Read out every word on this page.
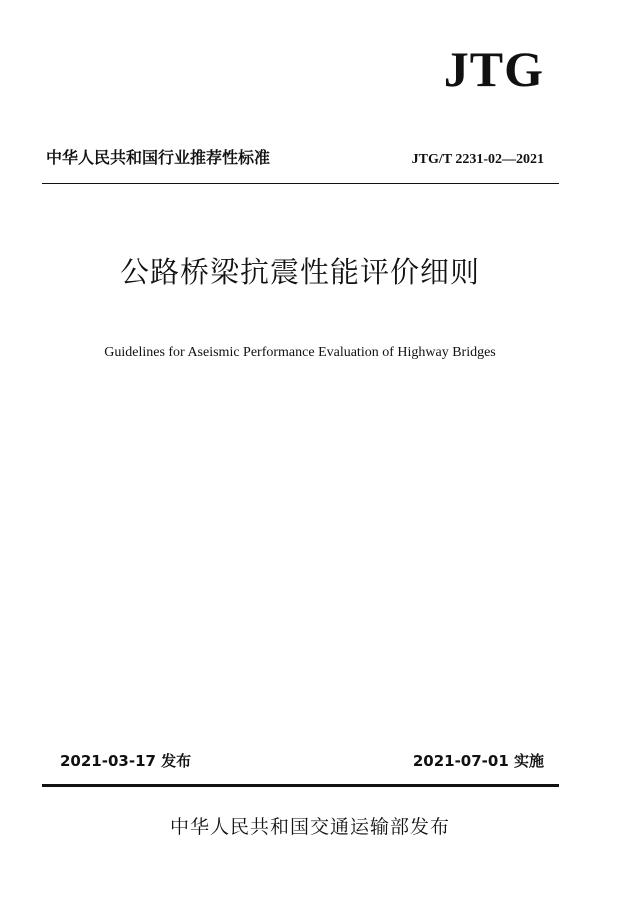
JTG
中华人民共和国行业推荐性标准	JTG/T 2231-02—2021
公路桥梁抗震性能评价细则
Guidelines for Aseismic Performance Evaluation of Highway Bridges
2021-03-17 发布	2021-07-01 实施
中华人民共和国交通运输部发布
